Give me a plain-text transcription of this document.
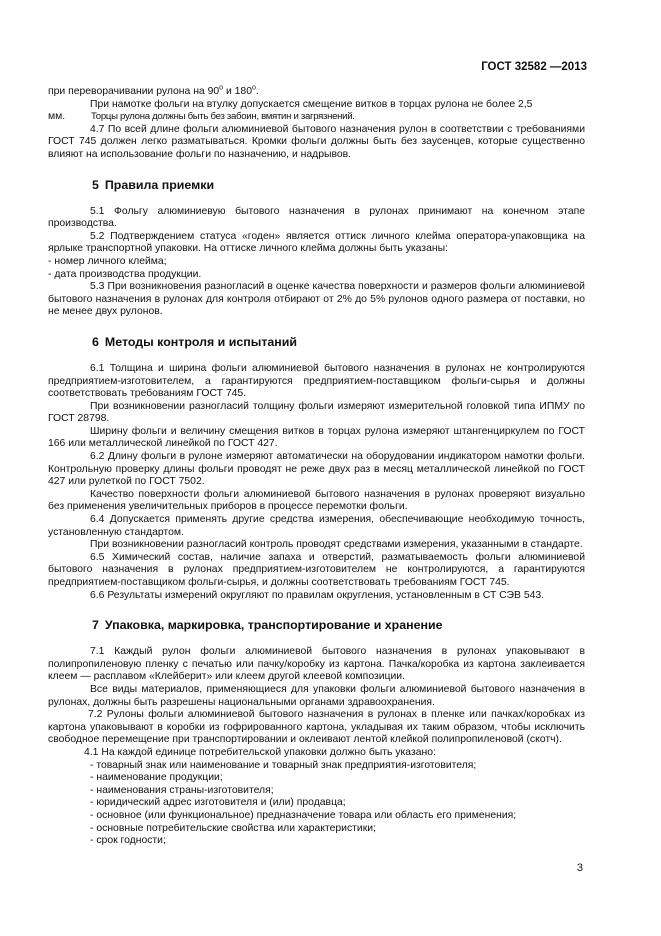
ГОСТ 32582 —2013

при переворачивании рулона на 90$^o$ и 180$^o$.

При намотке фольги на втулку допускается смещение витков в торцах рулона не более 2,5

мм.	Торцы рулона должны быть без забоин, вмятин и загрязнений.

4.7 По всей длине фольги алюминиевой бытового назначения рулон в соответствии с требованиями ГОСТ 745 должен легко разматываться. Кромки фольги должны быть без заусенцев, которые существенно влияют на использование фольги по назначению, и надрывов.

5 Правила приемки

5.1 Фольгу алюминиевую бытового назначения в рулонах принимают на конечном этапе производства.

5.2 Подтверждением статуса «годен» является оттиск личного клейма оператора-упаковщика на ярлыке транспортной упаковки. На оттиске личного клейма должны быть указаны:

- номер личного клейма;

- дата производства продукции.

5.3 При возникновения разногласий в оценке качества поверхности и размеров фольги алюминиевой бытового назначения в рулонах для контроля отбирают от 2% до 5% рулонов одного размера от поставки, но не менее двух рулонов.

6 Методы контроля и испытаний

6.1 Толщина и ширина фольги алюминиевой бытового назначения в рулонах не контролируются предприятием-изготовителем, а гарантируются предприятием-поставщиком фольги-сырья и должны соответствовать требованиям ГОСТ 745.

При возникновении разногласий толщину фольги измеряют измерительной головкой типа ИПМУ по ГОСТ 28798.

Ширину фольги и величину смещения витков в торцах рулона измеряют штангенциркулем по ГОСТ 166 или металлической линейкой по ГОСТ 427.

6.2 Длину фольги в рулоне измеряют автоматически на оборудовании индикатором намотки фольги. Контрольную проверку длины фольги проводят не реже двух раз в месяц металлической линейкой по ГОСТ 427 или рулеткой по ГОСТ 7502.

Качество поверхности фольги алюминиевой бытового назначения в рулонах проверяют визуально без применения увеличительных приборов в процессе перемотки фольги.

6.4 Допускается применять другие средства измерения, обеспечивающие необходимую точность, установленную стандартом.

При возникновении разногласий контроль проводят средствами измерения, указанными в стандарте.

6.5 Химический состав, наличие запаха и отверстий, разматываемость фольги алюминиевой бытового назначения в рулонах предприятием-изготовителем не контролируются, а гарантируются предприятием-поставщиком фольги-сырья, и должны соответствовать требованиям ГОСТ 745.

6.6 Результаты измерений округляют по правилам округления, установленным в СТ СЭВ 543.

7 Упаковка, маркировка, транспортирование и хранение

7.1 Каждый рулон фольги алюминиевой бытового назначения в рулонах упаковывают в полипропиленовую пленку с печатью или пачку/коробку из картона. Пачка/коробка из картона заклеивается клеем — расплавом «Клейберит» или клеем другой клеевой композиции.

Все виды материалов, применяющиеся для упаковки фольги алюминиевой бытового назначения в рулонах, должны быть разрешены национальными органами здравоохранения.

7.2 Рулоны фольги алюминиевой бытового назначения в рулонах в пленке или пачках/коробках из картона упаковывают в коробки из гофрированного картона, укладывая их таким образом, чтобы исключить свободное перемещение при транспортировании и оклеивают лентой клейкой полипропиленовой (скотч).

4.1 На каждой единице потребительской упаковки должно быть указано:

- товарный знак или наименование и товарный знак предприятия-изготовителя;

- наименование продукции;

- наименования страны-изготовителя;

- юридический адрес изготовителя и (или) продавца;

- основное (или функциональное) предназначение товара или область его применения;

- основные потребительские свойства или характеристики;

- срок годности;

3
